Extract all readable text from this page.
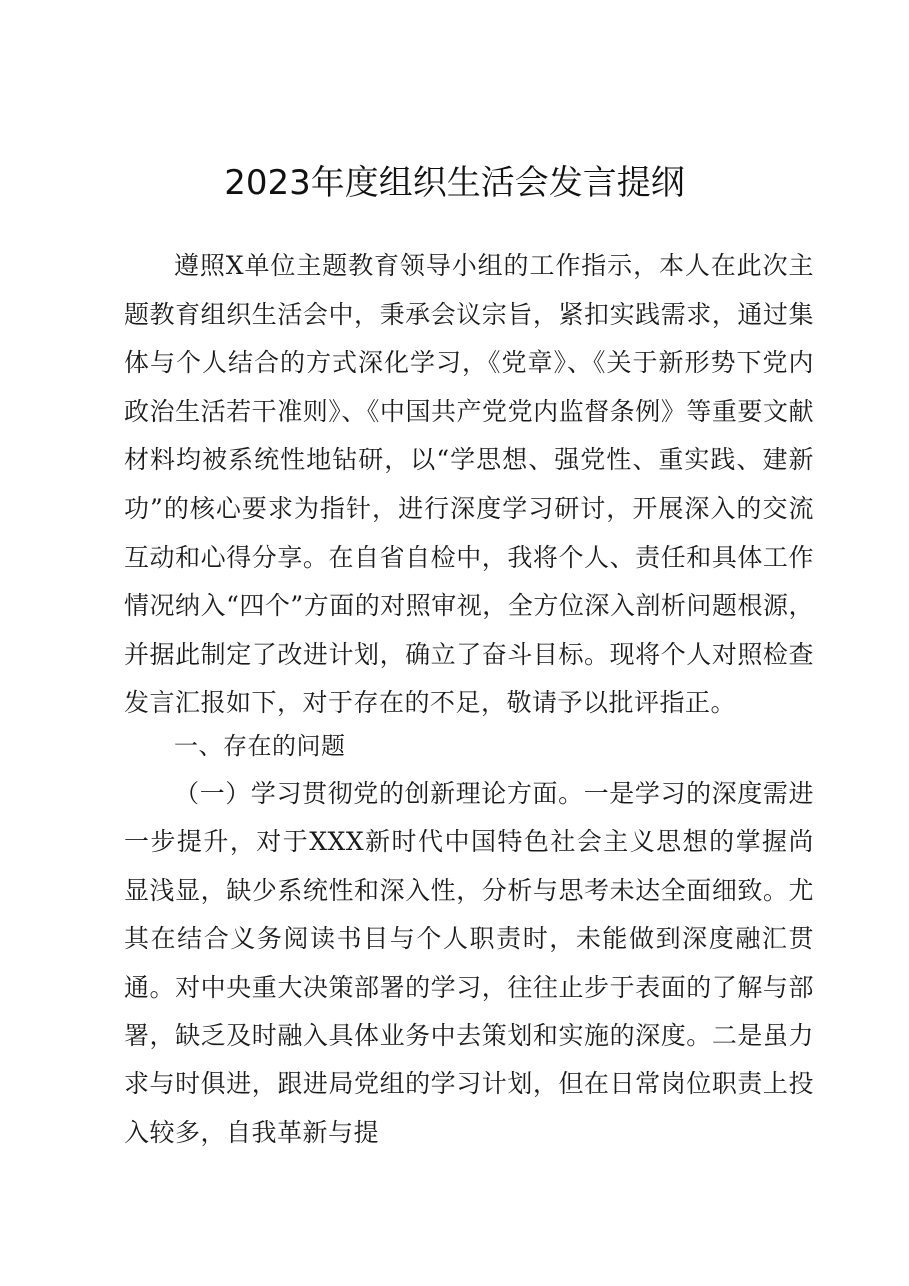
2023年度组织生活会发言提纲
遵照X单位主题教育领导小组的工作指示，本人在此次主题教育组织生活会中，秉承会议宗旨，紧扣实践需求，通过集体与个人结合的方式深化学习，《党章》、《关于新形势下党内政治生活若干准则》、《中国共产党党内监督条例》等重要文献材料均被系统性地钻研，以“学思想、强党性、重实践、建新功”的核心要求为指针，进行深度学习研讨，开展深入的交流互动和心得分享。在自省自检中，我将个人、责任和具体工作情况纳入“四个”方面的对照审视，全方位深入剖析问题根源，并据此制定了改进计划，确立了奋斗目标。现将个人对照检查发言汇报如下，对于存在的不足，敬请予以批评指正。
一、存在的问题
（一）学习贯彻党的创新理论方面。一是学习的深度需进一步提升，对于XXX新时代中国特色社会主义思想的掌握尚显浅显，缺少系统性和深入性，分析与思考未达全面细致。尤其在结合义务阅读书目与个人职责时，未能做到深度融汇贯通。对中央重大决策部署的学习，往往止步于表面的了解与部署，缺乏及时融入具体业务中去策划和实施的深度。二是虽力求与时俱进，跟进局党组的学习计划，但在日常岗位职责上投入较多，自我革新与提
